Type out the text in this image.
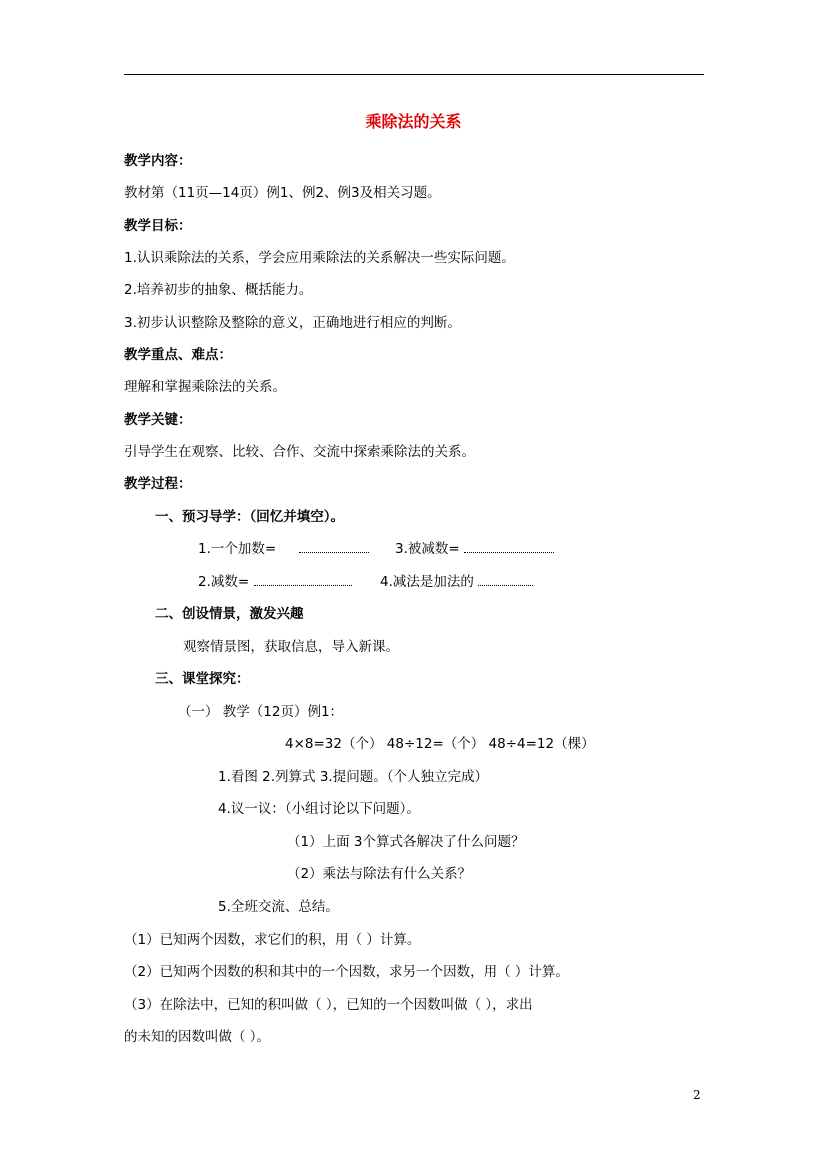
乘除法的关系
教学内容：
教材第（11页—14页）例1、例2、例3及相关习题。
教学目标：
1.认识乘除法的关系，学会应用乘除法的关系解决一些实际问题。
2.培养初步的抽象、概括能力。
3.初步认识整除及整除的意义，正确地进行相应的判断。
教学重点、难点：
理解和掌握乘除法的关系。
教学关键：
引导学生在观察、比较、合作、交流中探索乘除法的关系。
教学过程：
一、预习导学：（回忆并填空）。
1.一个加数=	3.被减数=
2.减数=	4.减法是加法的
二、创设情景，激发兴趣
观察情景图，获取信息，导入新课。
三、课堂探究：
（一） 教学（12页）例1：
4×8=32（个） 48÷12=（个） 48÷4=12（棵）
1.看图 2.列算式 3.提问题。（个人独立完成）
4.议一议：（小组讨论以下问题）。
（1）上面 3个算式各解决了什么问题？
（2）乘法与除法有什么关系？
5.全班交流、总结。
（1）已知两个因数，求它们的积，用（ ）计算。
（2）已知两个因数的积和其中的一个因数，求另一个因数，用（ ）计算。
（3）在除法中，已知的积叫做（ ），已知的一个因数叫做（ ），求出
的未知的因数叫做（ ）。
2
